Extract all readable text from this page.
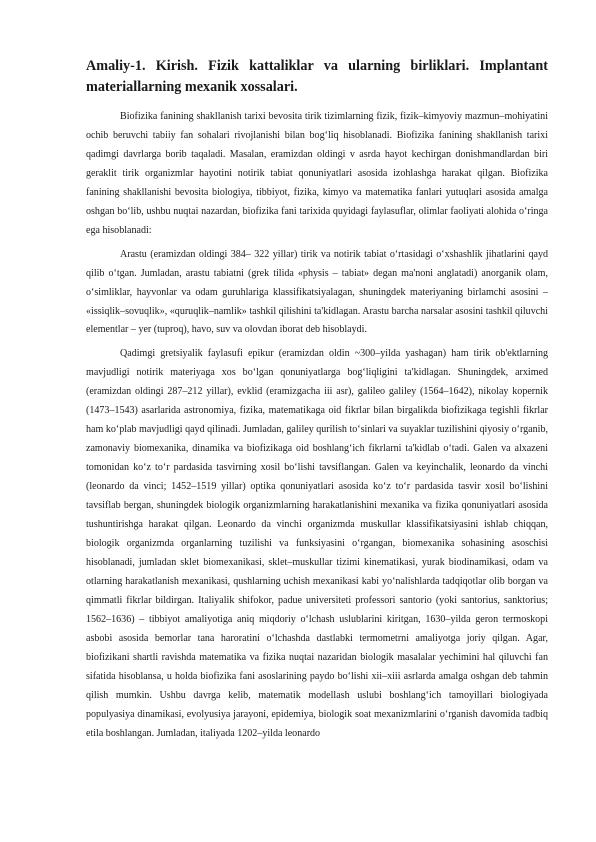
Amaliy-1. Kirish. Fizik kattaliklar va ularning birliklari. Implantant materiallarning mexanik xossalari.

Biofizika fanining shakllanish tarixi bevosita tirik tizimlarning fizik, fizik–kimyoviy mazmun–mohiyatini ochib beruvchi tabiiy fan sohalari rivojlanishi bilan bog‘liq hisoblanadi. Biofizika fanining shakllanish tarixi qadimgi davrlarga borib taqaladi. Masalan, eramizdan oldingi v asrda hayot kechirgan donishmandlardan biri geraklit tirik organizmlar hayotini notirik tabiat qonuniyatlari asosida izohlashga harakat qilgan. Biofizika fanining shakllanishi bevosita biologiya, tibbiyot, fizika, kimyo va matematika fanlari yutuqlari asosida amalga oshgan bo‘lib, ushbu nuqtai nazardan, biofizika fani tarixida quyidagi faylasuflar, olimlar faoliyati alohida o‘ringa ega hisoblanadi:

Arastu (eramizdan oldingi 384– 322 yillar) tirik va notirik tabiat o‘rtasidagi o‘xshashlik jihatlarini qayd qilib o‘tgan. Jumladan, arastu tabiatni (grek tilida «physis – tabiat» degan ma'noni anglatadi) anorganik olam, o‘simliklar, hayvonlar va odam guruhlariga klassifikatsiyalagan, shuningdek materiyaning birlamchi asosini – «issiqlik–sovuqlik», «quruqlik–namlik» tashkil qilishini ta'kidlagan. Arastu barcha narsalar asosini tashkil qiluvchi elementlar – yer (tuproq), havo, suv va olovdan iborat deb hisoblaydi.

Qadimgi gretsiyalik faylasufi epikur (eramizdan oldin ~300–yilda yashagan) ham tirik ob'ektlarning mavjudligi notirik materiyaga xos bo‘lgan qonuniyatlarga bog‘liqligini ta'kidlagan. Shuningdek, arximed (eramizdan oldingi 287–212 yillar), evklid (eramizgacha iii asr), galileo galiley (1564–1642), nikolay kopernik (1473–1543) asarlarida astronomiya, fizika, matematikaga oid fikrlar bilan birgalikda biofizikaga tegishli fikrlar ham ko‘plab mavjudligi qayd qilinadi. Jumladan, galiley qurilish to‘sinlari va suyaklar tuzilishini qiyosiy o‘rganib, zamonaviy biomexanika, dinamika va biofizikaga oid boshlang‘ich fikrlarni ta'kidlab o‘tadi. Galen va alxazeni tomonidan ko‘z to‘r pardasida tasvirning xosil bo‘lishi tavsiflangan. Galen va keyinchalik, leonardo da vinchi (leonardo da vinci; 1452–1519 yillar) optika qonuniyatlari asosida ko‘z to‘r pardasida tasvir xosil bo‘lishini tavsiflab bergan, shuningdek biologik organizmlarning harakatlanishini mexanika va fizika qonuniyatlari asosida tushuntirishga harakat qilgan. Leonardo da vinchi organizmda muskullar klassifikatsiyasini ishlab chiqqan, biologik organizmda organlarning tuzilishi va funksiyasini o‘rgangan, biomexanika sohasining asoschisi hisoblanadi, jumladan sklet biomexanikasi, sklet–muskullar tizimi kinematikasi, yurak biodinamikasi, odam va otlarning harakatlanish mexanikasi, qushlarning uchish mexanikasi kabi yo‘nalishlarda tadqiqotlar olib borgan va qimmatli fikrlar bildirgan. Italiyalik shifokor, padue universiteti professori santorio (yoki santorius, sanktorius; 1562–1636) – tibbiyot amaliyotiga aniq miqdoriy o‘lchash uslublarini kiritgan, 1630–yilda geron termoskopi asbobi asosida bemorlar tana haroratini o‘lchashda dastlabki termometrni amaliyotga joriy qilgan. Agar, biofizikani shartli ravishda matematika va fizika nuqtai nazaridan biologik masalalar yechimini hal qiluvchi fan sifatida hisoblansa, u holda biofizika fani asoslarining paydo bo‘lishi xii–xiii asrlarda amalga oshgan deb tahmin qilish mumkin. Ushbu davrga kelib, matematik modellash uslubi boshlang‘ich tamoyillari biologiyada populyasiya dinamikasi, evolyusiya jarayoni, epidemiya, biologik soat mexanizmlarini o‘rganish davomida tadbiq etila boshlangan. Jumladan, italiyada 1202–yilda leonardo
